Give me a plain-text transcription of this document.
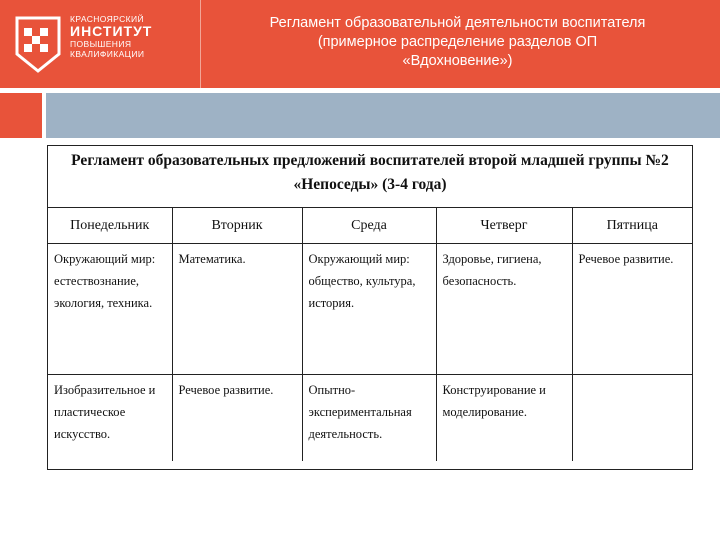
КРАСНОЯРСКИЙ
ИНСТИТУТ
ПОВЫШЕНИЯ
КВАЛИФИКАЦИИ
Регламент образовательной деятельности воспитателя
(примерное распределение разделов ОП
«Вдохновение»)
Регламент образовательных предложений воспитателей второй младшей группы №2
«Непоседы» (3-4 года)
Понедельник	Вторник	Среда	Четверг	Пятница
Окружающий мир: естествознание, экология, техника.	Математика.	Окружающий мир: общество, культура, история.	Здоровье, гигиена, безопасность.	Речевое развитие.
Изобразительное и пластическое искусство.	Речевое развитие.	Опытно-экспериментальная деятельность.	Конструирование и моделирование.	
